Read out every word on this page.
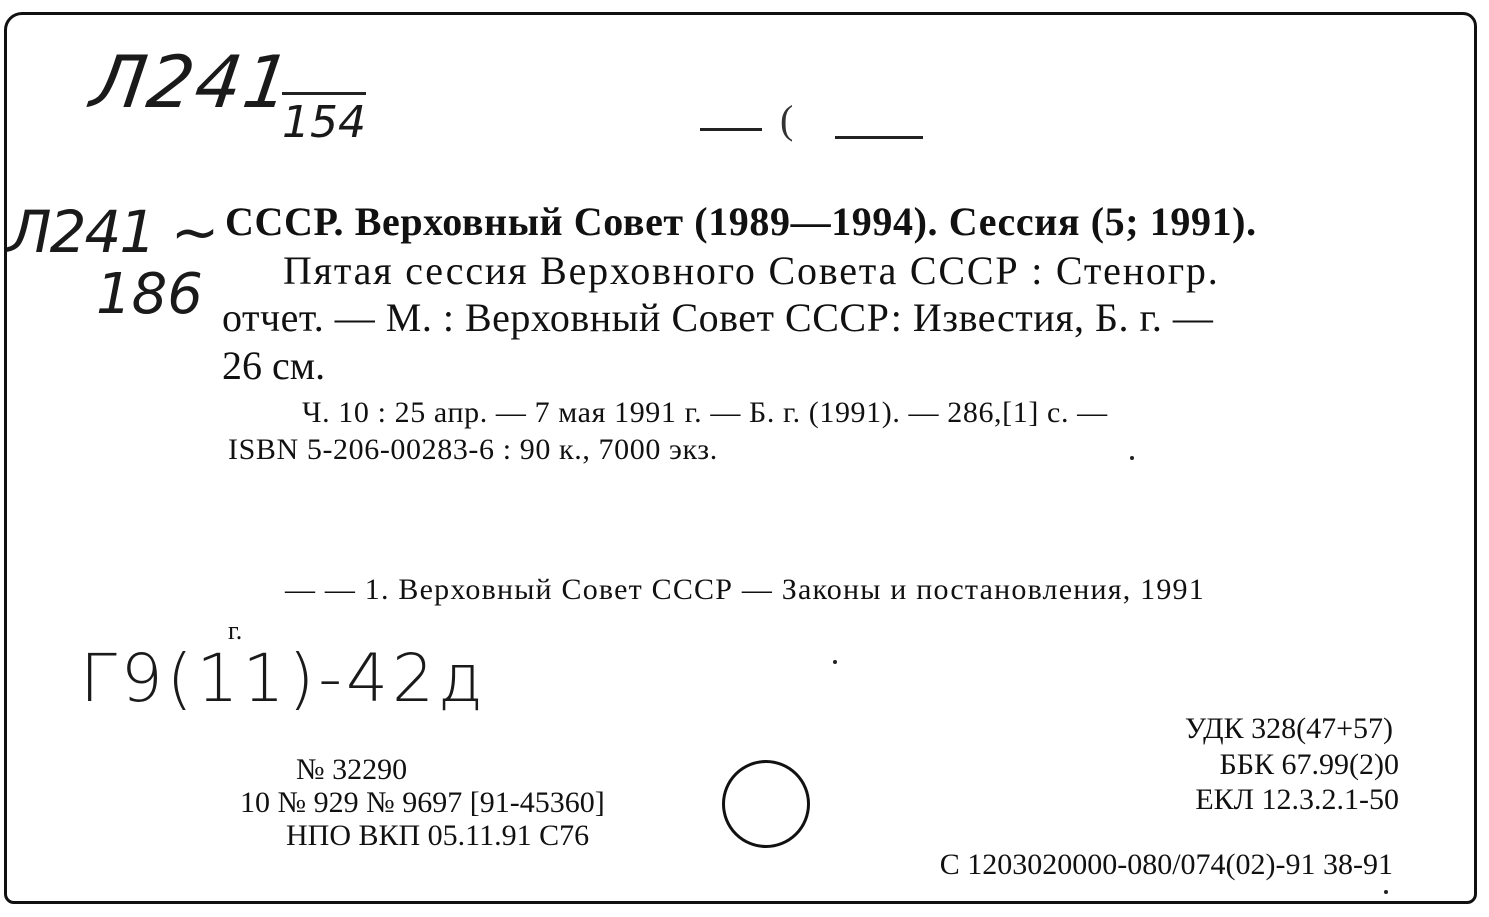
Л241
154
Л241 ~
186
Г9(11)-42д
(
СССР. Верховный Совет (1989—1994). Сессия (5; 1991).
Пятая сессия Верховного Совета СССР : Стеногр.
отчет. — М. : Верховный Совет СССР: Известия, Б. г. —
26 см.
Ч. 10 : 25 апр. — 7 мая 1991 г. — Б. г. (1991). — 286,[1] с. —
ISBN 5-206-00283-6 : 90 к., 7000 экз.
— — 1. Верховный Совет СССР — Законы и постановления, 1991
г.
№ 32290
10 № 929 № 9697 [91-45360]
НПО ВКП 05.11.91 С76
УДК 328(47+57)
ББК 67.99(2)0
ЕКЛ 12.3.2.1-50
С 1203020000-080/074(02)-91 38-91
